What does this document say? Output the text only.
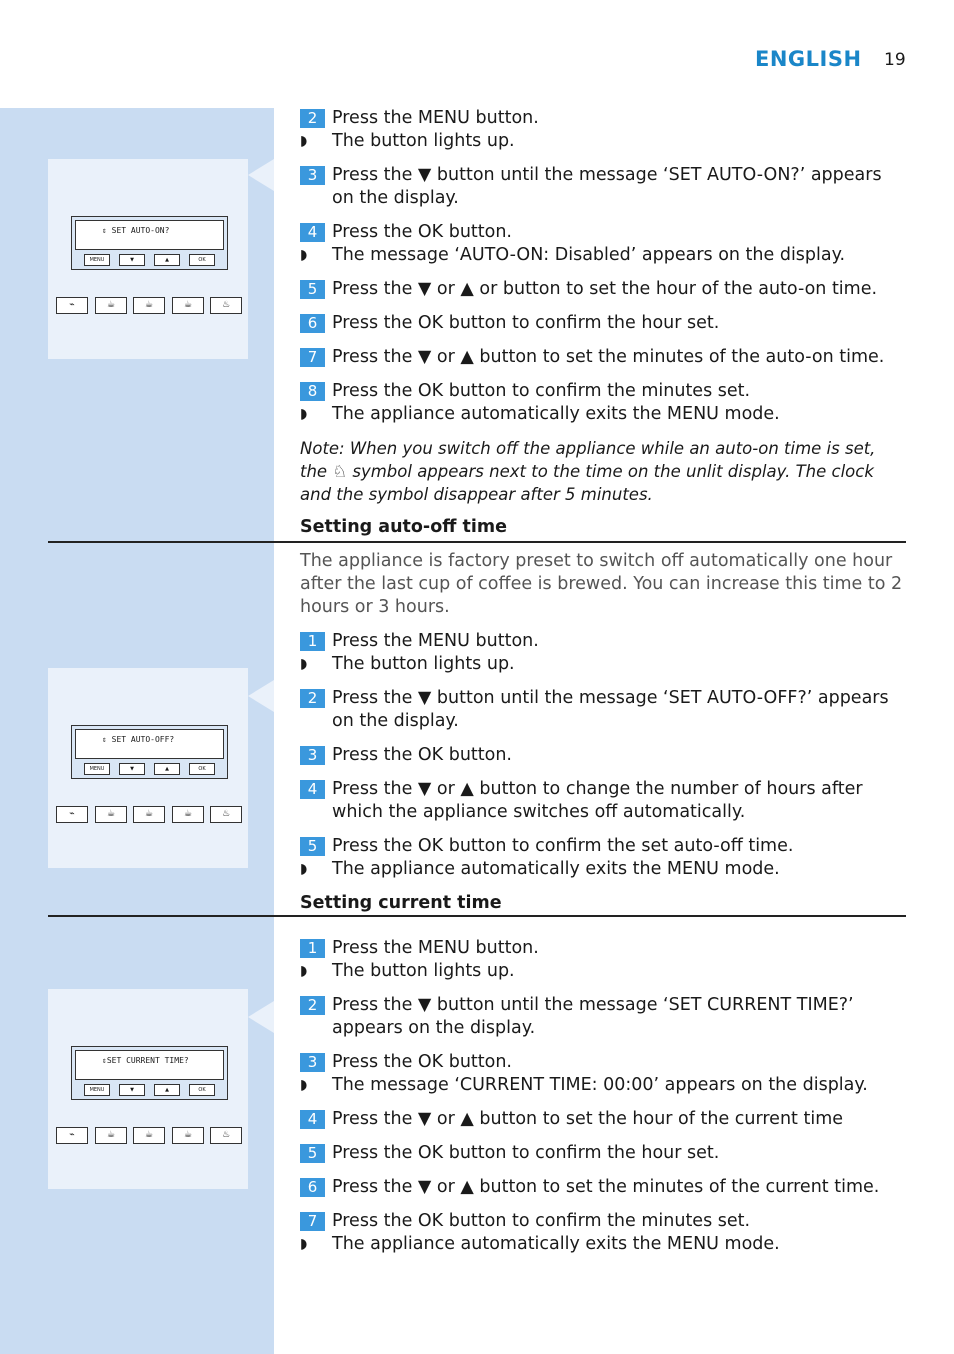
ENGLISH 19
⇕ SET AUTO-ON?
MENU	▼	▲	OK
⌁	☕	☕	☕	♨
⇕ SET AUTO-OFF?
MENU	▼	▲	OK
⌁	☕	☕	☕	♨
⇕SET CURRENT TIME?
MENU	▼	▲	OK
⌁	☕	☕	☕	♨
2 Press the MENU button.
◗ The button lights up.
3 Press the ▼ button until the message ‘SET AUTO-ON?’ appears on the display.
4 Press the OK button.
◗ The message ‘AUTO-ON: Disabled’ appears on the display.
5 Press the ▼ or ▲ or button to set the hour of the auto-on time.
6 Press the OK button to confirm the hour set.
7 Press the ▼ or ▲ button to set the minutes of the auto-on time.
8 Press the OK button to confirm the minutes set.
◗ The appliance automatically exits the MENU mode.
Note: When you switch off the appliance while an auto-on time is set, the ♘ symbol appears next to the time on the unlit display. The clock and the symbol disappear after 5 minutes.
Setting auto-off time
The appliance is factory preset to switch off automatically one hour after the last cup of coffee is brewed. You can increase this time to 2 hours or 3 hours.
1 Press the MENU button.
◗ The button lights up.
2 Press the ▼ button until the message ‘SET AUTO-OFF?’ appears on the display.
3 Press the OK button.
4 Press the ▼ or ▲ button to change the number of hours after which the appliance switches off automatically.
5 Press the OK button to confirm the set auto-off time.
◗ The appliance automatically exits the MENU mode.
Setting current time
1 Press the MENU button.
◗ The button lights up.
2 Press the ▼ button until the message ‘SET CURRENT TIME?’ appears on the display.
3 Press the OK button.
◗ The message ‘CURRENT TIME: 00:00’ appears on the display.
4 Press the ▼ or ▲ button to set the hour of the current time
5 Press the OK button to confirm the hour set.
6 Press the ▼ or ▲ button to set the minutes of the current time.
7 Press the OK button to confirm the minutes set.
◗ The appliance automatically exits the MENU mode.
